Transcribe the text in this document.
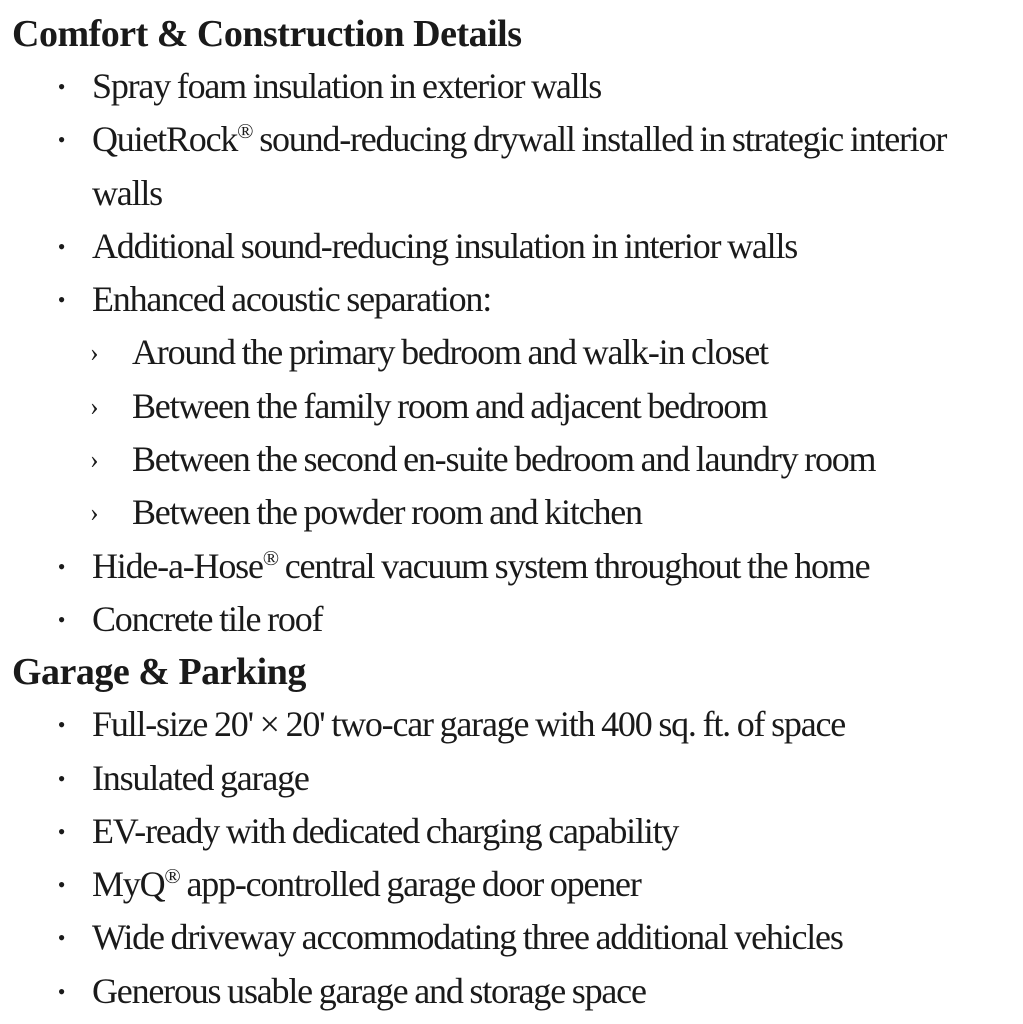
Comfort & Construction Details
• Spray foam insulation in exterior walls
• QuietRock® sound-reducing drywall installed in strategic interior walls
• Additional sound-reducing insulation in interior walls
• Enhanced acoustic separation:
› Around the primary bedroom and walk-in closet
› Between the family room and adjacent bedroom
› Between the second en-suite bedroom and laundry room
› Between the powder room and kitchen
• Hide-a-Hose® central vacuum system throughout the home
• Concrete tile roof
Garage & Parking
• Full-size 20' × 20' two-car garage with 400 sq. ft. of space
• Insulated garage
• EV-ready with dedicated charging capability
• MyQ® app-controlled garage door opener
• Wide driveway accommodating three additional vehicles
• Generous usable garage and storage space
